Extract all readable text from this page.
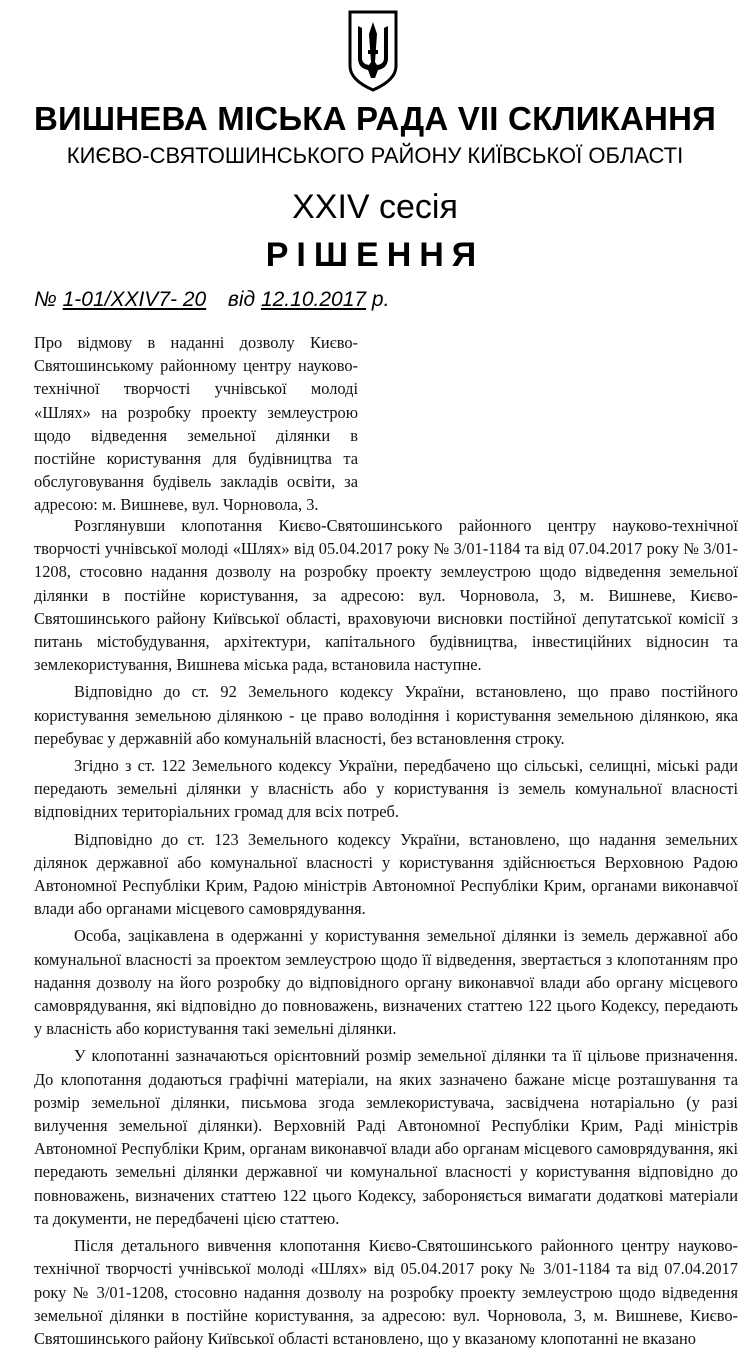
ВИШНЕВА МІСЬКА РАДА VII СКЛИКАННЯ
КИЄВО-СВЯТОШИНСЬКОГО РАЙОНУ КИЇВСЬКОЇ ОБЛАСТІ
XXIV сесія
РІШЕННЯ
№ 1-01/XXIV7- 20 від 12.10.2017 р.
Про відмову в наданні дозволу Києво-Святошинському районному центру науково-технічної творчості учнівської молоді «Шлях» на розробку проекту землеустрою щодо відведення земельної ділянки в постійне користування для будівництва та обслуговування будівель закладів освіти, за адресою: м. Вишневе, вул. Чорновола, 3.

Розглянувши клопотання Києво-Святошинського районного центру науково-технічної творчості учнівської молоді «Шлях» від 05.04.2017 року № 3/01-1184 та від 07.04.2017 року № 3/01-1208, стосовно надання дозволу на розробку проекту землеустрою щодо відведення земельної ділянки в постійне користування, за адресою: вул. Чорновола, 3, м. Вишневе, Києво-Святошинського району Київської області, враховуючи висновки постійної депутатської комісії з питань містобудування, архітектури, капітального будівництва, інвестиційних відносин та землекористування, Вишнева міська рада, встановила наступне.

Відповідно до ст. 92 Земельного кодексу України, встановлено, що право постійного користування земельною ділянкою - це право володіння і користування земельною ділянкою, яка перебуває у державній або комунальній власності, без встановлення строку.

Згідно з ст. 122 Земельного кодексу України, передбачено що сільські, селищні, міські ради передають земельні ділянки у власність або у користування із земель комунальної власності відповідних територіальних громад для всіх потреб.

Відповідно до ст. 123 Земельного кодексу України, встановлено, що надання земельних ділянок державної або комунальної власності у користування здійснюється Верховною Радою Автономної Республіки Крим, Радою міністрів Автономної Республіки Крим, органами виконавчої влади або органами місцевого самоврядування.

Особа, зацікавлена в одержанні у користування земельної ділянки із земель державної або комунальної власності за проектом землеустрою щодо її відведення, звертається з клопотанням про надання дозволу на його розробку до відповідного органу виконавчої влади або органу місцевого самоврядування, які відповідно до повноважень, визначених статтею 122 цього Кодексу, передають у власність або користування такі земельні ділянки.

У клопотанні зазначаються орієнтовний розмір земельної ділянки та її цільове призначення. До клопотання додаються графічні матеріали, на яких зазначено бажане місце розташування та розмір земельної ділянки, письмова згода землекористувача, засвідчена нотаріально (у разі вилучення земельної ділянки). Верховній Раді Автономної Республіки Крим, Раді міністрів Автономної Республіки Крим, органам виконавчої влади або органам місцевого самоврядування, які передають земельні ділянки державної чи комунальної власності у користування відповідно до повноважень, визначених статтею 122 цього Кодексу, забороняється вимагати додаткові матеріали та документи, не передбачені цією статтею.

Після детального вивчення клопотання Києво-Святошинського районного центру науково-технічної творчості учнівської молоді «Шлях» від 05.04.2017 року № 3/01-1184 та від 07.04.2017 року № 3/01-1208, стосовно надання дозволу на розробку проекту землеустрою щодо відведення земельної ділянки в постійне користування, за адресою: вул. Чорновола, 3, м. Вишневе, Києво-Святошинського району Київської області встановлено, що у вказаному клопотанні не вказано
